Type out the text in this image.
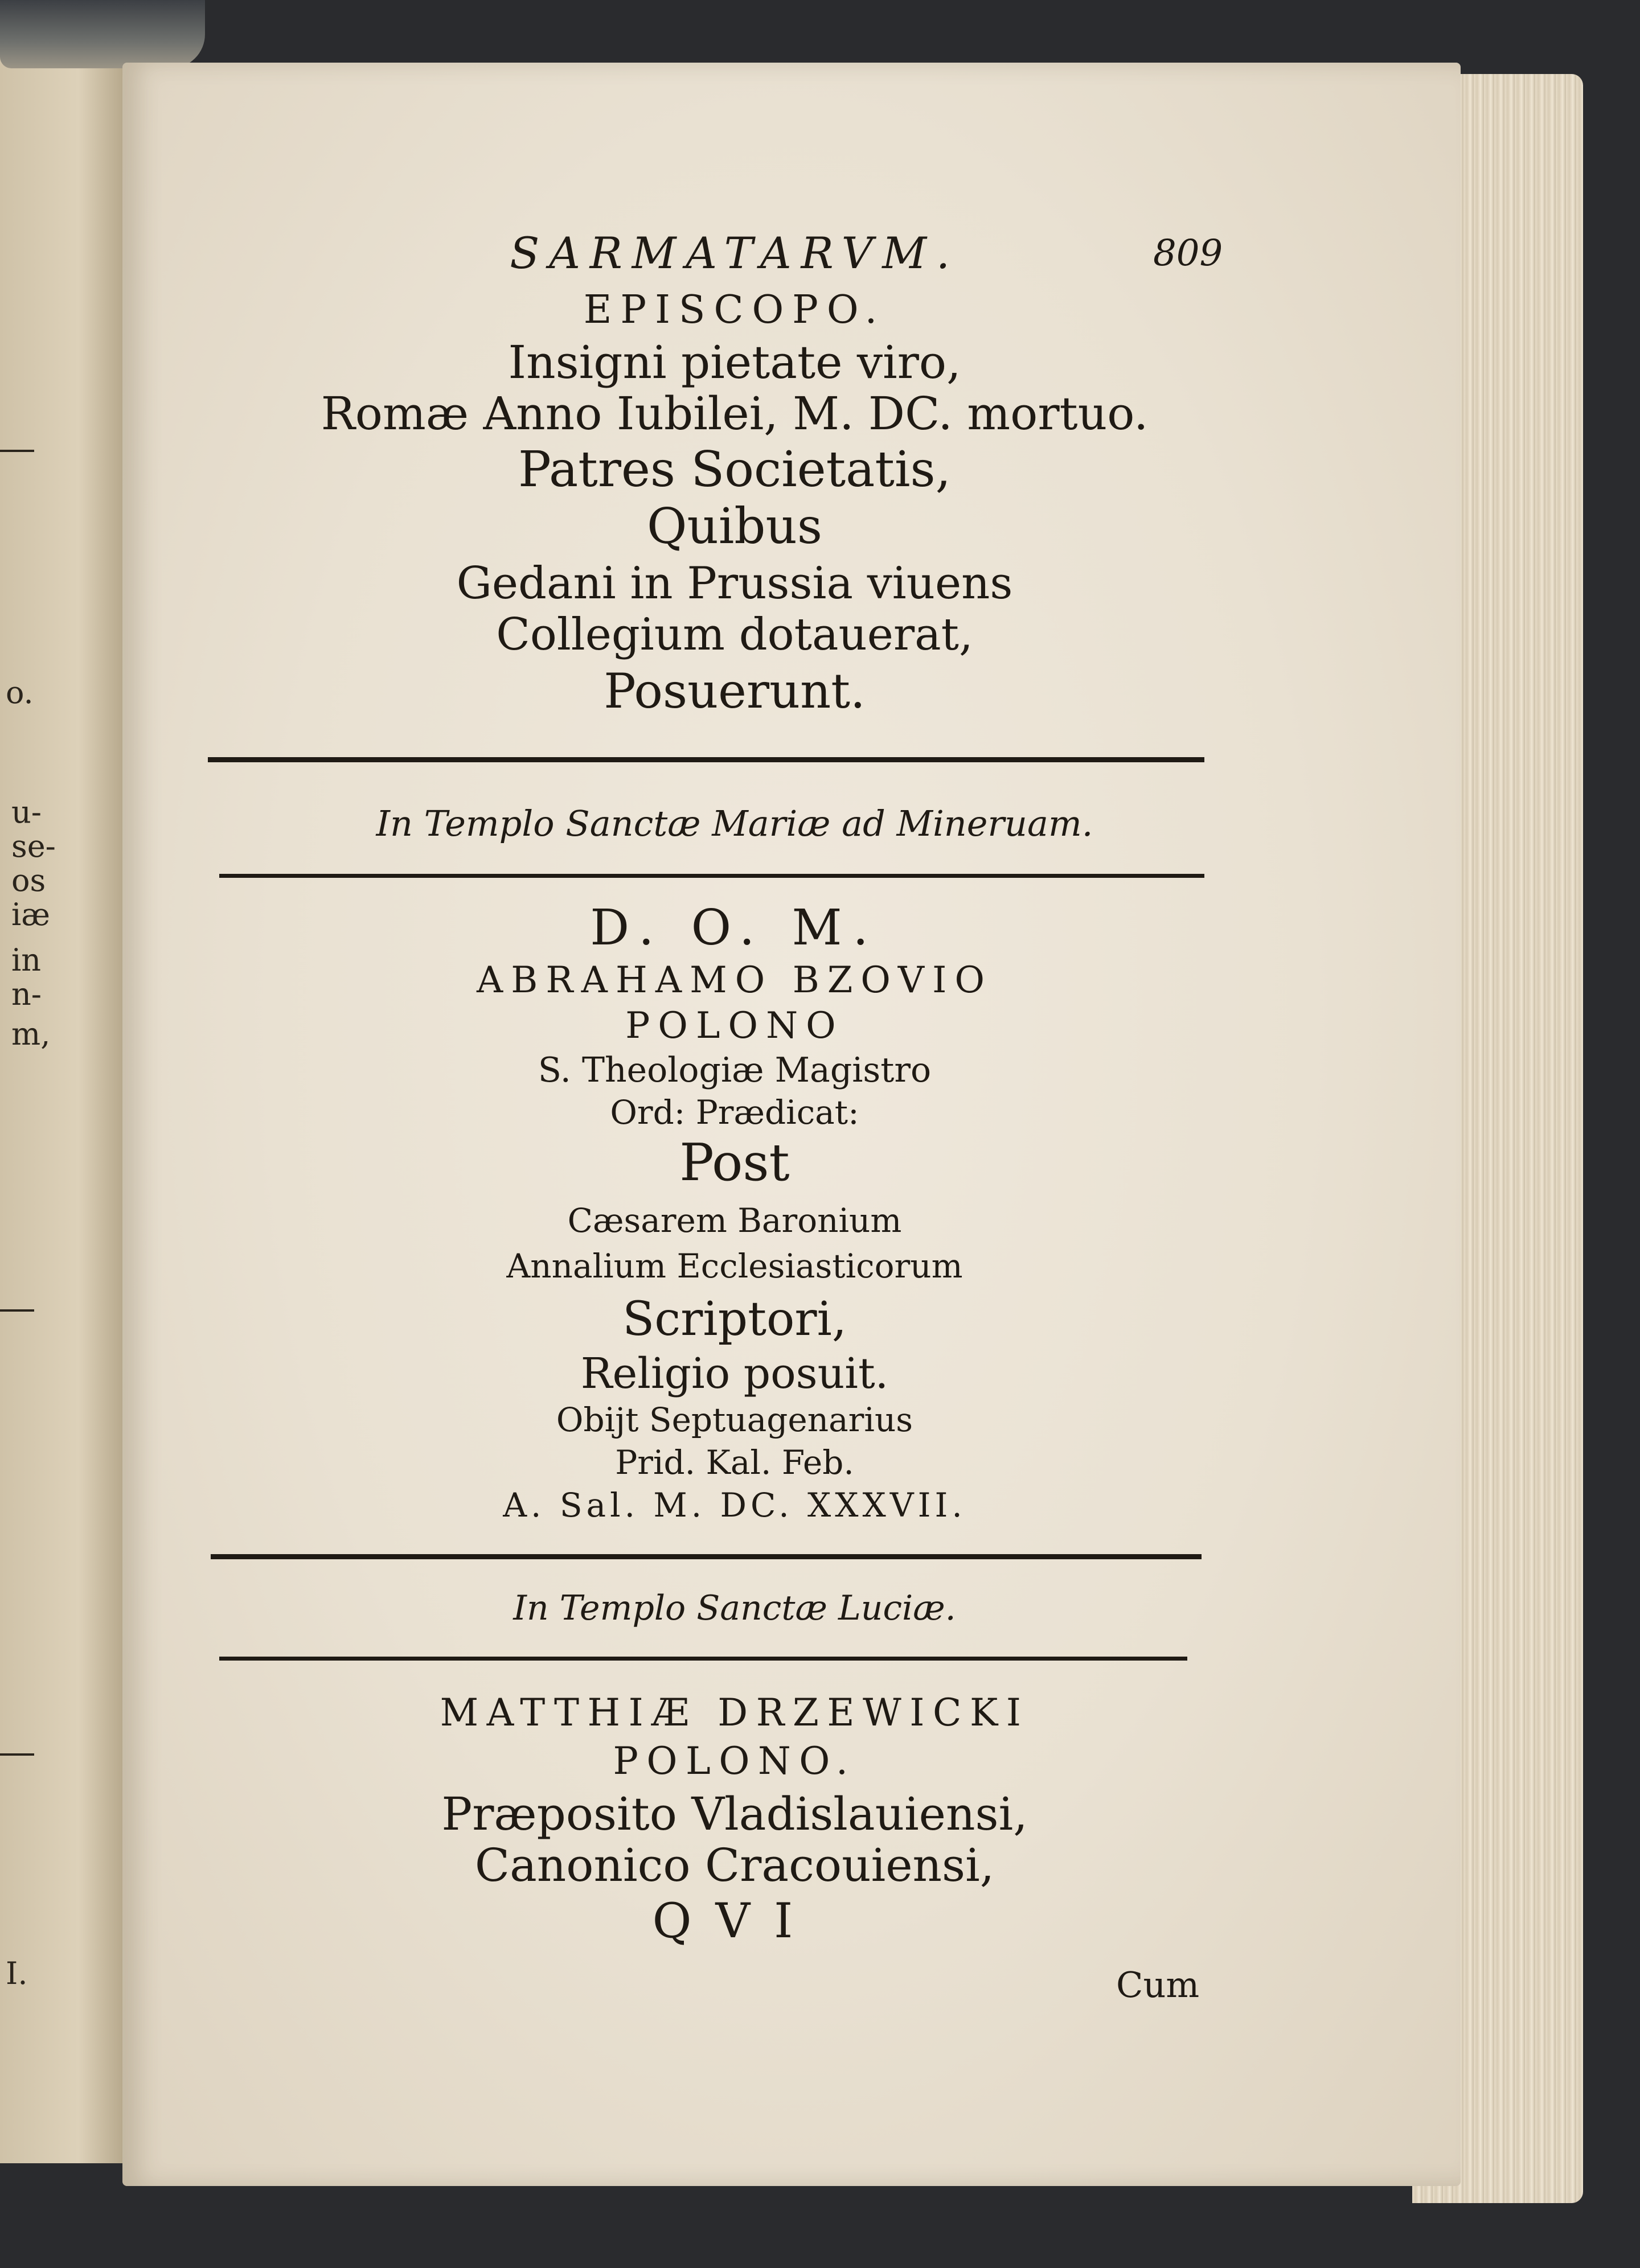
o.
u-
se-
os
iæ
in
n-
m,
I.
SARMATARVM.	809
EPISCOPO.
Insigni pietate viro,
Romæ Anno Iubilei, M. DC. mortuo.
Patres Societatis,
Quibus
Gedani in Prussia viuens
Collegium dotauerat,
Posuerunt.
In Templo Sanctæ Mariæ ad Mineruam.
D. O. M.
ABRAHAMO BZOVIO
POLONO
S. Theologiæ Magistro
Ord: Prædicat:
Post
Cæsarem Baronium
Annalium Ecclesiasticorum
Scriptori,
Religio posuit.
Obijt Septuagenarius
Prid. Kal. Feb.
A. Sal. M. DC. XXXVII.
In Templo Sanctæ Luciæ.
MATTHIÆ DRZEWICKI
POLONO.
Præposito Vladislauiensi,
Canonico Cracouiensi,
QVI
Cum
